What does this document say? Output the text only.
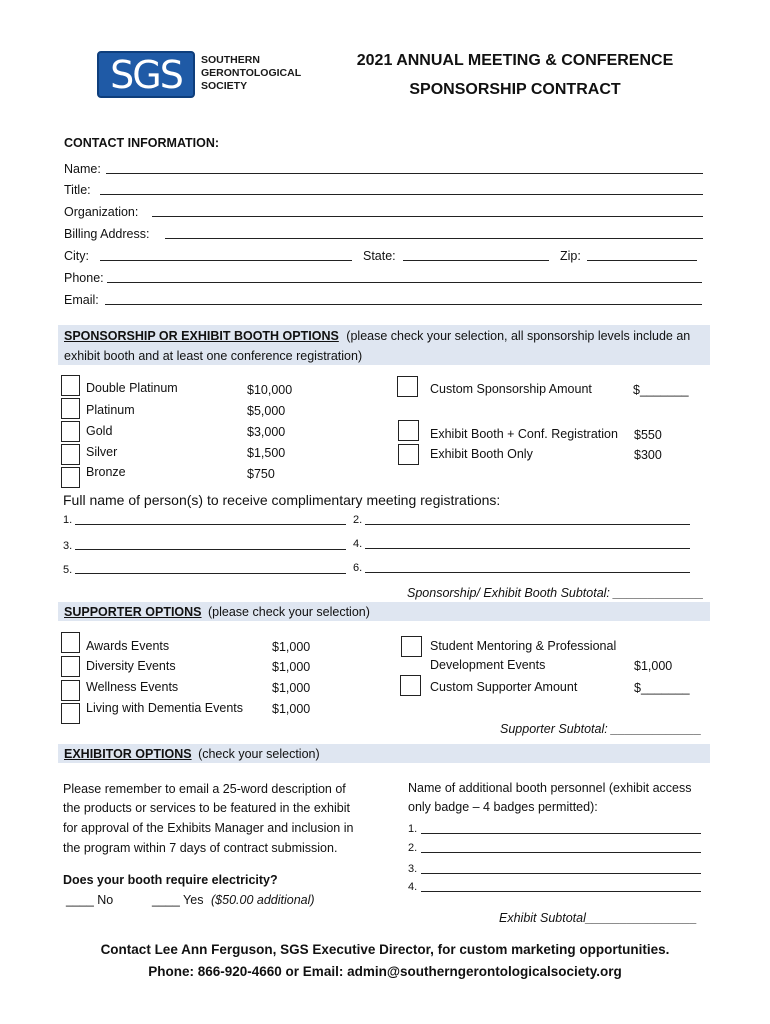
SGS	SOUTHERN
GERONTOLOGICAL
SOCIETY
2021 ANNUAL MEETING & CONFERENCE
SPONSORSHIP CONTRACT
CONTACT INFORMATION:
Name:
Title:
Organization:
Billing Address:
City:	State:	Zip:
Phone:
Email:
SPONSORSHIP OR EXHIBIT BOOTH OPTIONS (please check your selection, all sponsorship levels include an
exhibit booth and at least one conference registration)
Double Platinum	$10,000
Platinum	$5,000
Gold	$3,000
Silver	$1,500
Bronze	$750
Custom Sponsorship Amount	$_______
Exhibit Booth + Conf. Registration $550
Exhibit Booth Only	$300
Full name of person(s) to receive complimentary meeting registrations:
1.	2.
3.	4.
5.	6.
Sponsorship/ Exhibit Booth Subtotal: _____________
SUPPORTER OPTIONS (please check your selection)
Awards Events	$1,000
Diversity Events	$1,000
Wellness Events	$1,000
Living with Dementia Events $1,000
Student Mentoring & Professional
Development Events	$1,000
Custom Supporter Amount	$_______
Supporter Subtotal: _____________
EXHIBITOR OPTIONS (check your selection)
Please remember to email a 25-word description of
the products or services to be featured in the exhibit
for approval of the Exhibits Manager and inclusion in
the program within 7 days of contract submission.
Name of additional booth personnel (exhibit access
only badge – 4 badges permitted):
1.
2.
3.
4.
Does your booth require electricity?
____ No	____ Yes ($50.00 additional)
Exhibit Subtotal________________
Contact Lee Ann Ferguson, SGS Executive Director, for custom marketing opportunities.
Phone: 866-920-4660 or Email: admin@southerngerontologicalsociety.org
